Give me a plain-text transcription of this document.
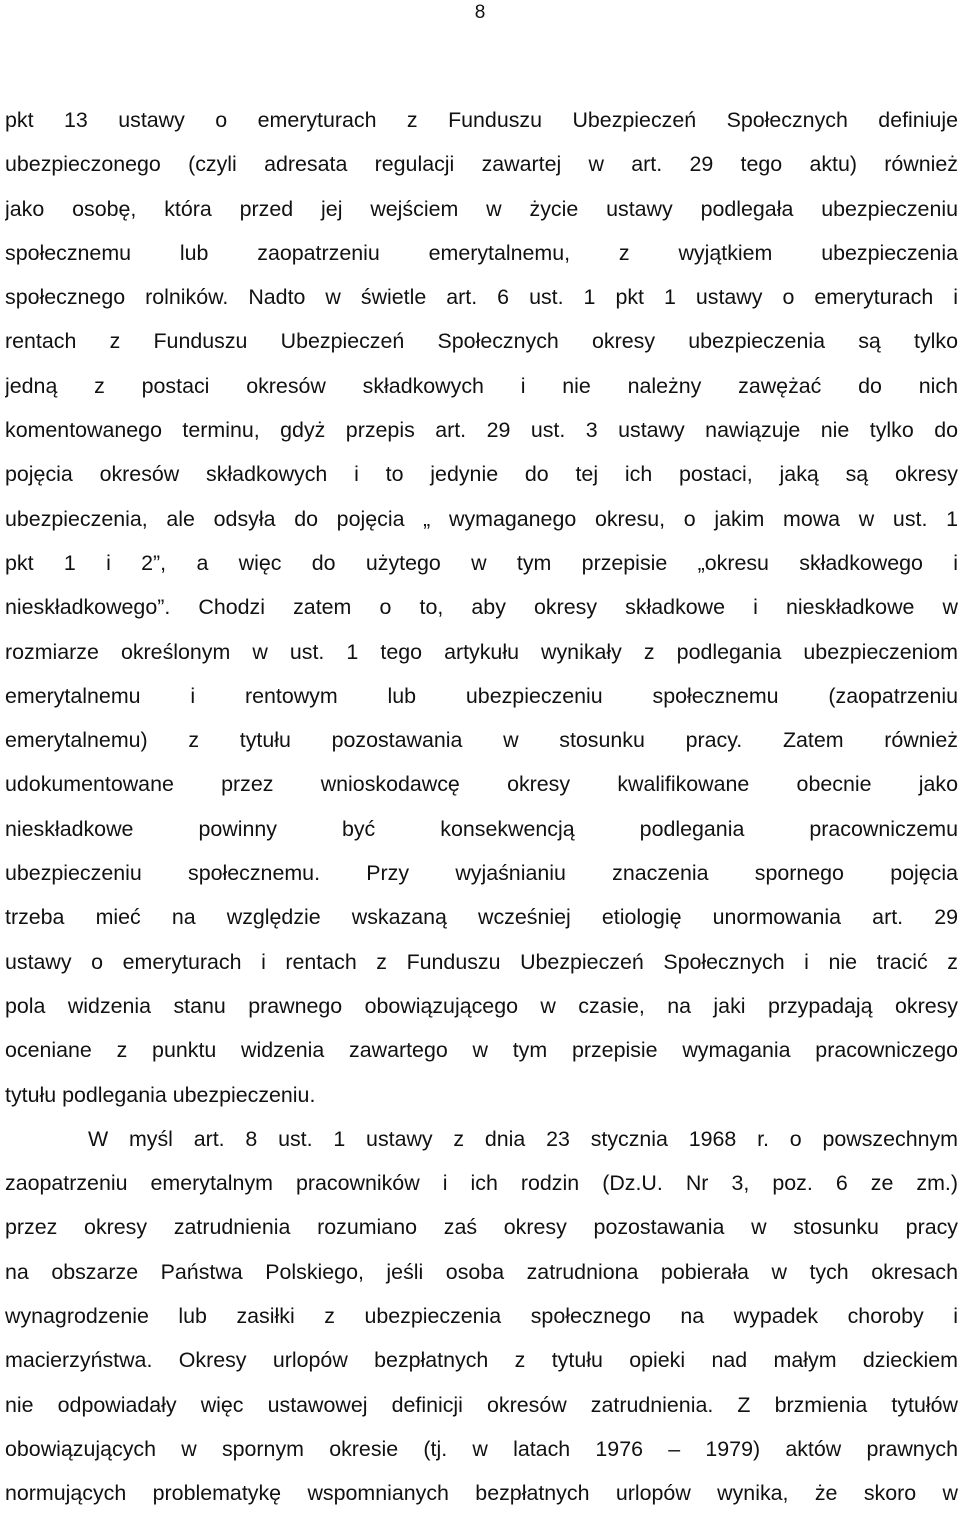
8
pkt 13 ustawy o emeryturach z Funduszu Ubezpieczeń Społecznych definiuje
ubezpieczonego (czyli adresata regulacji zawartej w art. 29 tego aktu) również
jako osobę, która przed jej wejściem w życie ustawy podlegała ubezpieczeniu
społecznemu lub zaopatrzeniu emerytalnemu, z wyjątkiem ubezpieczenia
społecznego rolników. Nadto w świetle art. 6 ust. 1 pkt 1 ustawy o emeryturach i
rentach z Funduszu Ubezpieczeń Społecznych okresy ubezpieczenia są tylko
jedną z postaci okresów składkowych i nie należny zawężać do nich
komentowanego terminu, gdyż przepis art. 29 ust. 3 ustawy nawiązuje nie tylko do
pojęcia okresów składkowych i to jedynie do tej ich postaci, jaką są okresy
ubezpieczenia, ale odsyła do pojęcia „ wymaganego okresu, o jakim mowa w ust. 1
pkt 1 i 2”, a więc do użytego w tym przepisie „okresu składkowego i
nieskładkowego”. Chodzi zatem o to, aby okresy składkowe i nieskładkowe w
rozmiarze określonym w ust. 1 tego artykułu wynikały z podlegania ubezpieczeniom
emerytalnemu i rentowym lub ubezpieczeniu społecznemu (zaopatrzeniu
emerytalnemu) z tytułu pozostawania w stosunku pracy. Zatem również
udokumentowane przez wnioskodawcę okresy kwalifikowane obecnie jako
nieskładkowe powinny być konsekwencją podlegania pracowniczemu
ubezpieczeniu społecznemu. Przy wyjaśnianiu znaczenia spornego pojęcia
trzeba mieć na względzie wskazaną wcześniej etiologię unormowania art. 29
ustawy o emeryturach i rentach z Funduszu Ubezpieczeń Społecznych i nie tracić z
pola widzenia stanu prawnego obowiązującego w czasie, na jaki przypadają okresy
oceniane z punktu widzenia zawartego w tym przepisie wymagania pracowniczego
tytułu podlegania ubezpieczeniu.
W myśl art. 8 ust. 1 ustawy z dnia 23 stycznia 1968 r. o powszechnym
zaopatrzeniu emerytalnym pracowników i ich rodzin (Dz.U. Nr 3, poz. 6 ze zm.)
przez okresy zatrudnienia rozumiano zaś okresy pozostawania w stosunku pracy
na obszarze Państwa Polskiego, jeśli osoba zatrudniona pobierała w tych okresach
wynagrodzenie lub zasiłki z ubezpieczenia społecznego na wypadek choroby i
macierzyństwa. Okresy urlopów bezpłatnych z tytułu opieki nad małym dzieckiem
nie odpowiadały więc ustawowej definicji okresów zatrudnienia. Z brzmienia tytułów
obowiązujących w spornym okresie (tj. w latach 1976 – 1979) aktów prawnych
normujących problematykę wspomnianych bezpłatnych urlopów wynika, że skoro w
